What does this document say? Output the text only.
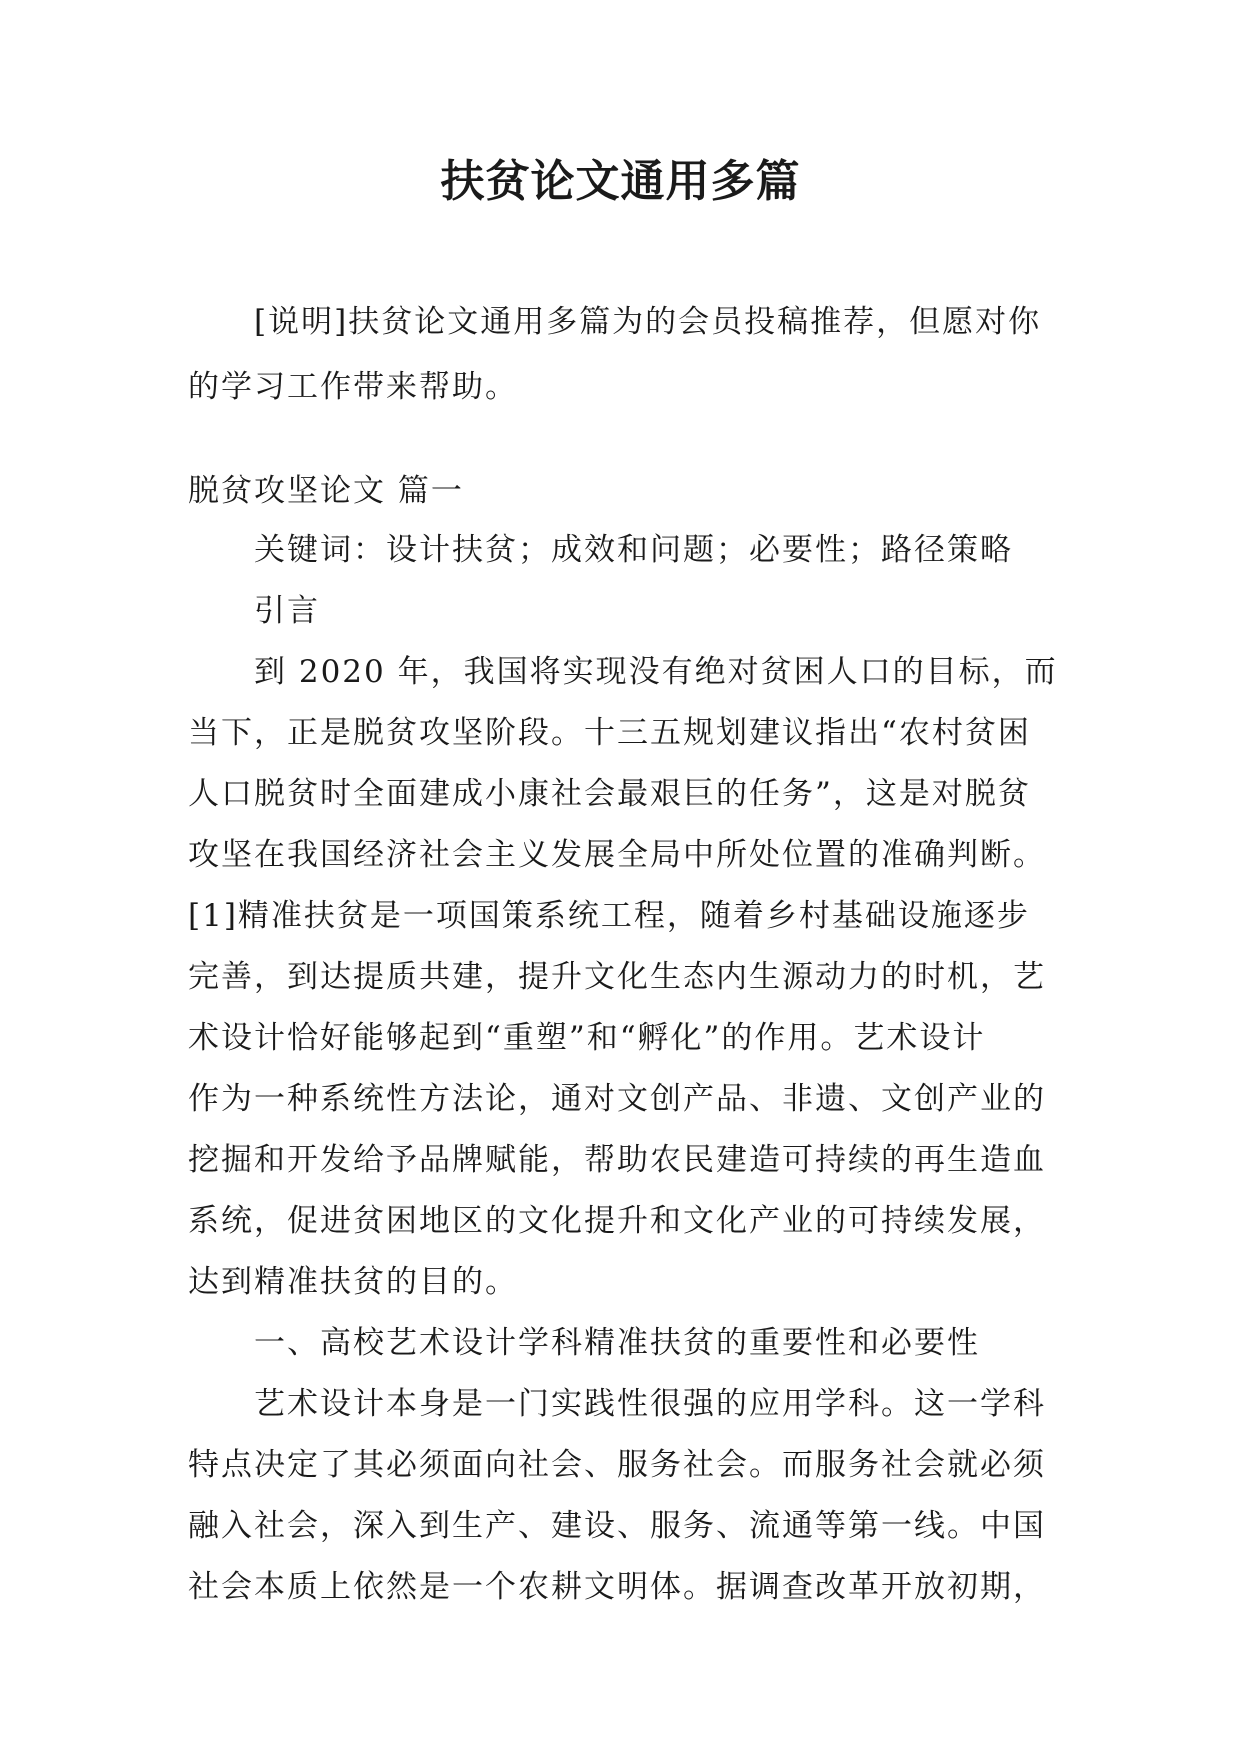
扶贫论文通用多篇
[说明]扶贫论文通用多篇为的会员投稿推荐，但愿对你
的学习工作带来帮助。
脱贫攻坚论文 篇一

关键词：设计扶贫；成效和问题；必要性；路径策略

引言

到 2020 年，我国将实现没有绝对贫困人口的目标，而
当下，正是脱贫攻坚阶段。十三五规划建议指出“农村贫困
人口脱贫时全面建成小康社会最艰巨的任务”，这是对脱贫
攻坚在我国经济社会主义发展全局中所处位置的准确判断。
[1]精准扶贫是一项国策系统工程，随着乡村基础设施逐步
完善，到达提质共建，提升文化生态内生源动力的时机，艺
术设计恰好能够起到“重塑”和“孵化”的作用。艺术设计
作为一种系统性方法论，通对文创产品、非遗、文创产业的
挖掘和开发给予品牌赋能，帮助农民建造可持续的再生造血
系统，促进贫困地区的文化提升和文化产业的可持续发展，
达到精准扶贫的目的。

一、高校艺术设计学科精准扶贫的重要性和必要性

艺术设计本身是一门实践性很强的应用学科。这一学科
特点决定了其必须面向社会、服务社会。而服务社会就必须
融入社会，深入到生产、建设、服务、流通等第一线。中国
社会本质上依然是一个农耕文明体。据调查改革开放初期，
